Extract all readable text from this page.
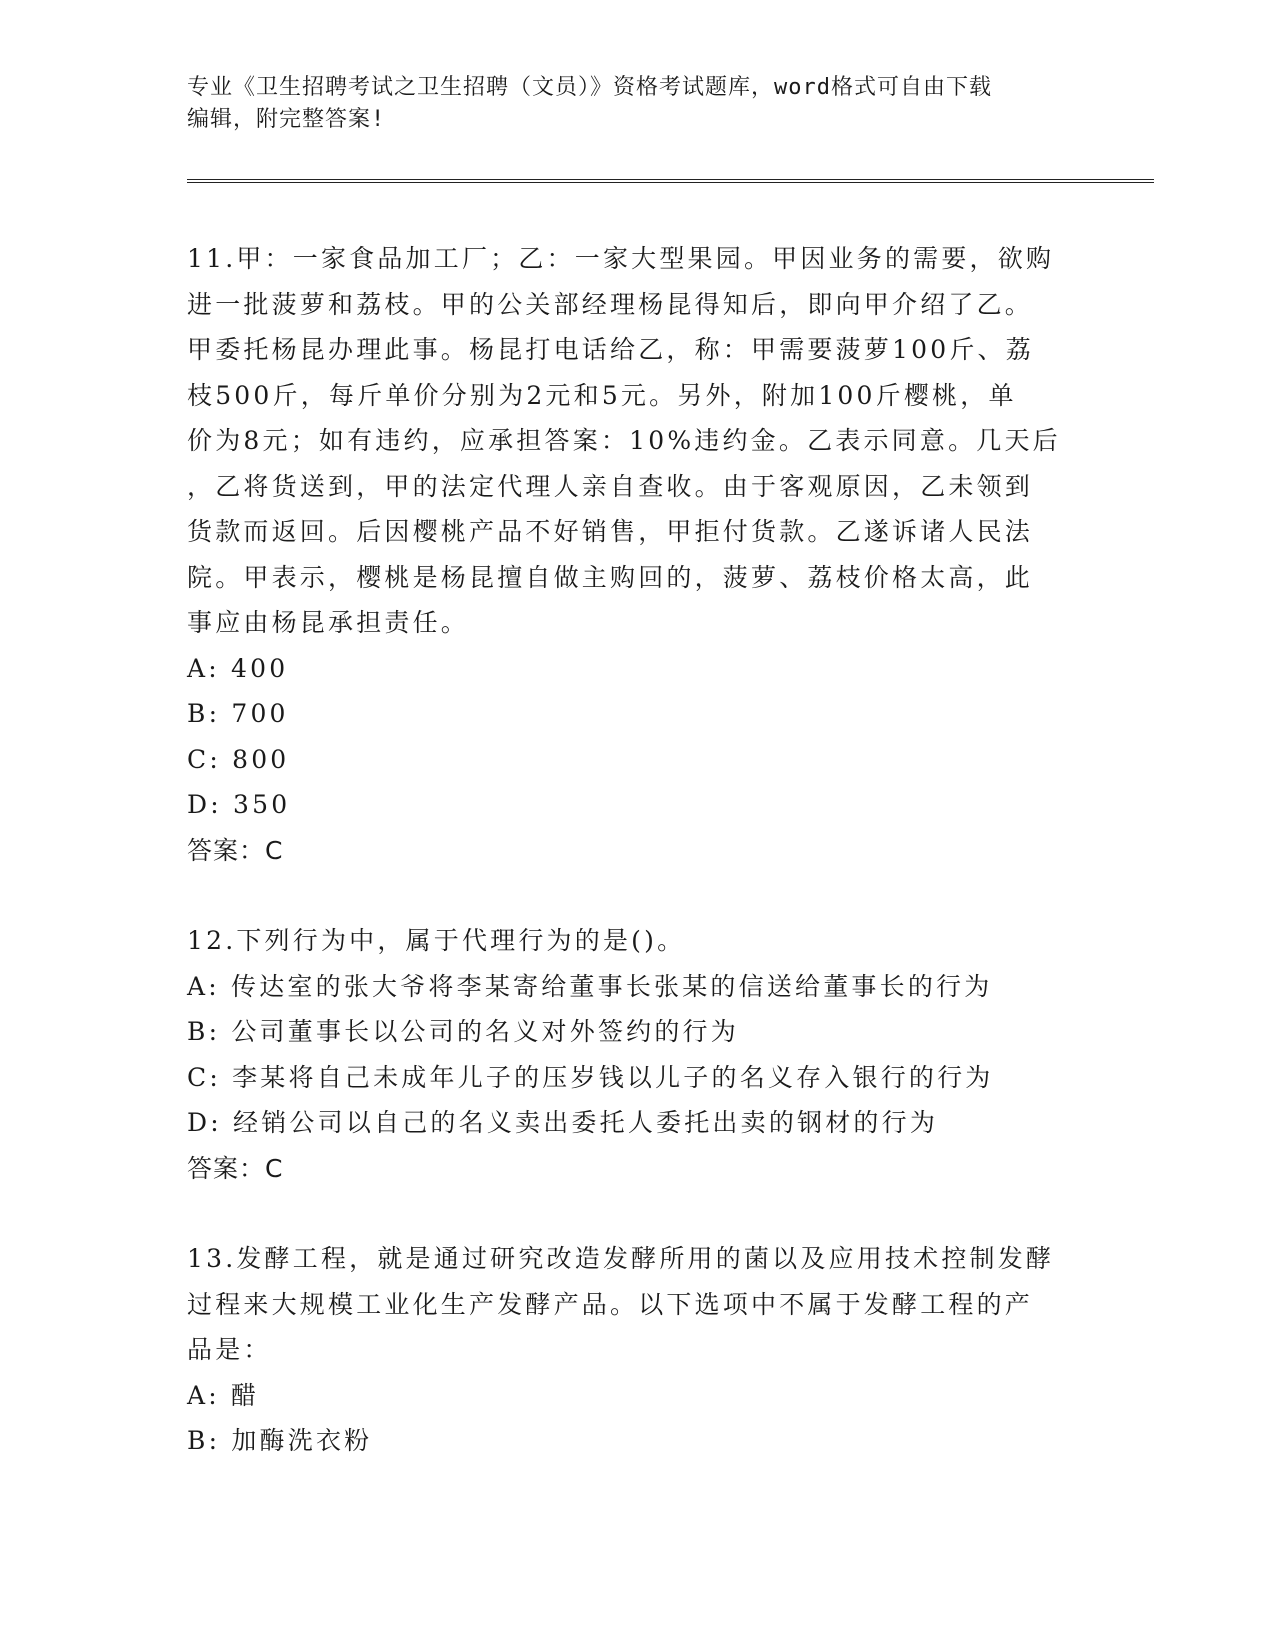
专业《卫生招聘考试之卫生招聘（文员）》资格考试题库，word格式可自由下载
编辑，附完整答案!

11.甲：一家食品加工厂；乙：一家大型果园。甲因业务的需要，欲购

进一批菠萝和荔枝。甲的公关部经理杨昆得知后，即向甲介绍了乙。

甲委托杨昆办理此事。杨昆打电话给乙，称：甲需要菠萝100斤、荔

枝500斤，每斤单价分别为2元和5元。另外，附加100斤樱桃，单

价为8元；如有违约，应承担答案：10%违约金。乙表示同意。几天后

，乙将货送到，甲的法定代理人亲自查收。由于客观原因，乙未领到

货款而返回。后因樱桃产品不好销售，甲拒付货款。乙遂诉诸人民法

院。甲表示，樱桃是杨昆擅自做主购回的，菠萝、荔枝价格太高，此

事应由杨昆承担责任。

A: 400

B: 700

C: 800

D: 350

答案：C

12.下列行为中，属于代理行为的是()。

A: 传达室的张大爷将李某寄给董事长张某的信送给董事长的行为

B: 公司董事长以公司的名义对外签约的行为

C: 李某将自己未成年儿子的压岁钱以儿子的名义存入银行的行为

D: 经销公司以自己的名义卖出委托人委托出卖的钢材的行为

答案：C

13.发酵工程，就是通过研究改造发酵所用的菌以及应用技术控制发酵

过程来大规模工业化生产发酵产品。以下选项中不属于发酵工程的产

品是：

A: 醋

B: 加酶洗衣粉
